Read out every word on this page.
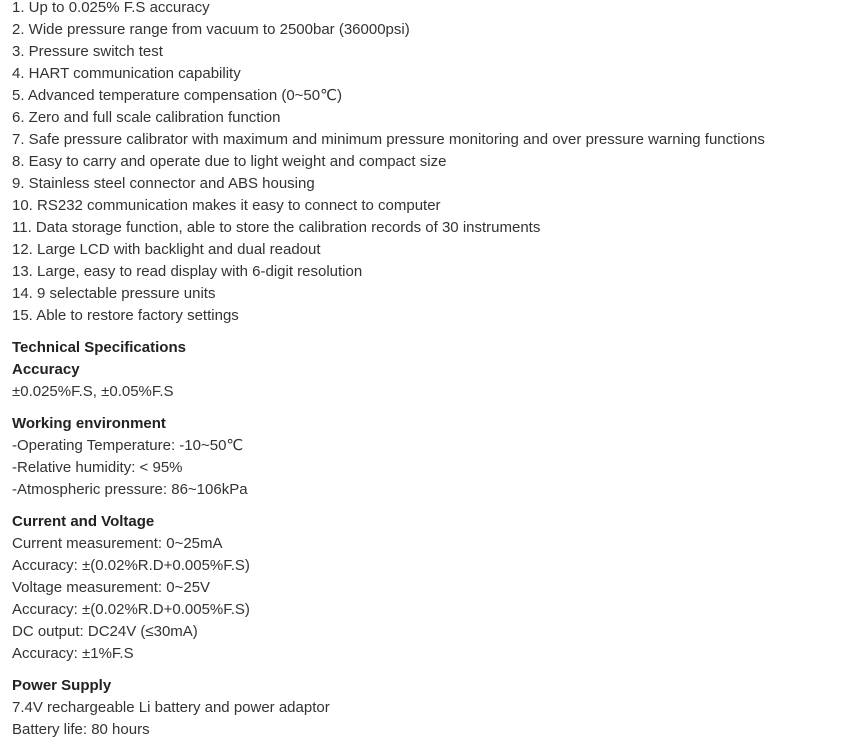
1. Up to 0.025% F.S accuracy
2. Wide pressure range from vacuum to 2500bar (36000psi)
3. Pressure switch test
4. HART communication capability
5. Advanced temperature compensation (0~50℃)
6. Zero and full scale calibration function
7. Safe pressure calibrator with maximum and minimum pressure monitoring and over pressure warning functions
8. Easy to carry and operate due to light weight and compact size
9. Stainless steel connector and ABS housing
10. RS232 communication makes it easy to connect to computer
11. Data storage function, able to store the calibration records of 30 instruments
12. Large LCD with backlight and dual readout
13. Large, easy to read display with 6-digit resolution
14. 9 selectable pressure units
15. Able to restore factory settings
Technical Specifications
Accuracy
±0.025%F.S, ±0.05%F.S
Working environment
-Operating Temperature: -10~50℃
-Relative humidity: < 95%
-Atmospheric pressure: 86~106kPa
Current and Voltage
Current measurement: 0~25mA
Accuracy: ±(0.02%R.D+0.005%F.S)
Voltage measurement: 0~25V
Accuracy: ±(0.02%R.D+0.005%F.S)
DC output: DC24V (≤30mA)
Accuracy: ±1%F.S
Power Supply
7.4V rechargeable Li battery and power adaptor
Battery life: 80 hours
